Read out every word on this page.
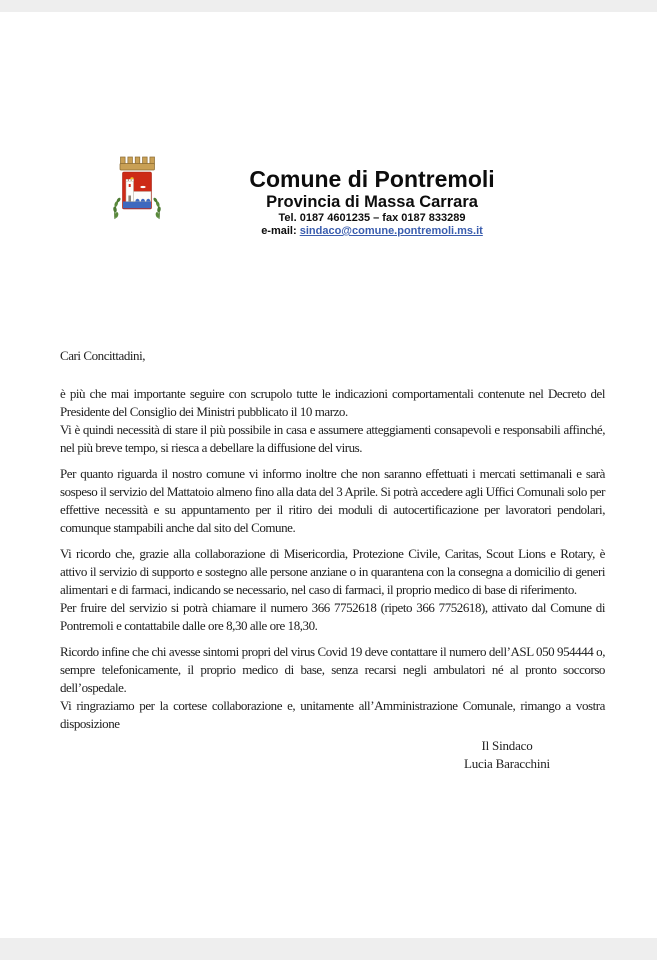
Comune di Pontremoli
Provincia di Massa Carrara
Tel. 0187 4601235 – fax 0187 833289
e-mail: sindaco@comune.pontremoli.ms.it
Cari Concittadini,
è più che mai importante seguire con scrupolo tutte le indicazioni comportamentali contenute nel Decreto del Presidente del Consiglio dei Ministri pubblicato il 10 marzo.
Vi è quindi necessità di stare il più possibile in casa e assumere atteggiamenti consapevoli e responsabili affinché, nel più breve tempo, si riesca a debellare la diffusione del virus.
Per quanto riguarda il nostro comune vi informo inoltre che non saranno effettuati i mercati settimanali e sarà sospeso il servizio del Mattatoio almeno fino alla data del 3 Aprile. Si potrà accedere agli Uffici Comunali solo per effettive necessità e su appuntamento per il ritiro dei moduli di autocertificazione per lavoratori pendolari, comunque stampabili anche dal sito del Comune.
Vi ricordo che, grazie alla collaborazione di Misericordia, Protezione Civile, Caritas, Scout Lions e Rotary, è attivo il servizio di supporto e sostegno alle persone anziane o in quarantena con la consegna a domicilio di generi alimentari e di farmaci, indicando se necessario, nel caso di farmaci, il proprio medico di base di riferimento.
Per fruire del servizio si potrà chiamare il numero 366 7752618 (ripeto 366 7752618), attivato dal Comune di Pontremoli e contattabile dalle ore 8,30 alle ore 18,30.
Ricordo infine che chi avesse sintomi propri del virus Covid 19 deve contattare il numero dell’ASL 050 954444 o, sempre telefonicamente, il proprio medico di base, senza recarsi negli ambulatori né al pronto soccorso dell’ospedale.
Vi ringraziamo per la cortese collaborazione e, unitamente all’Amministrazione Comunale, rimango a vostra disposizione
Il Sindaco
Lucia Baracchini
